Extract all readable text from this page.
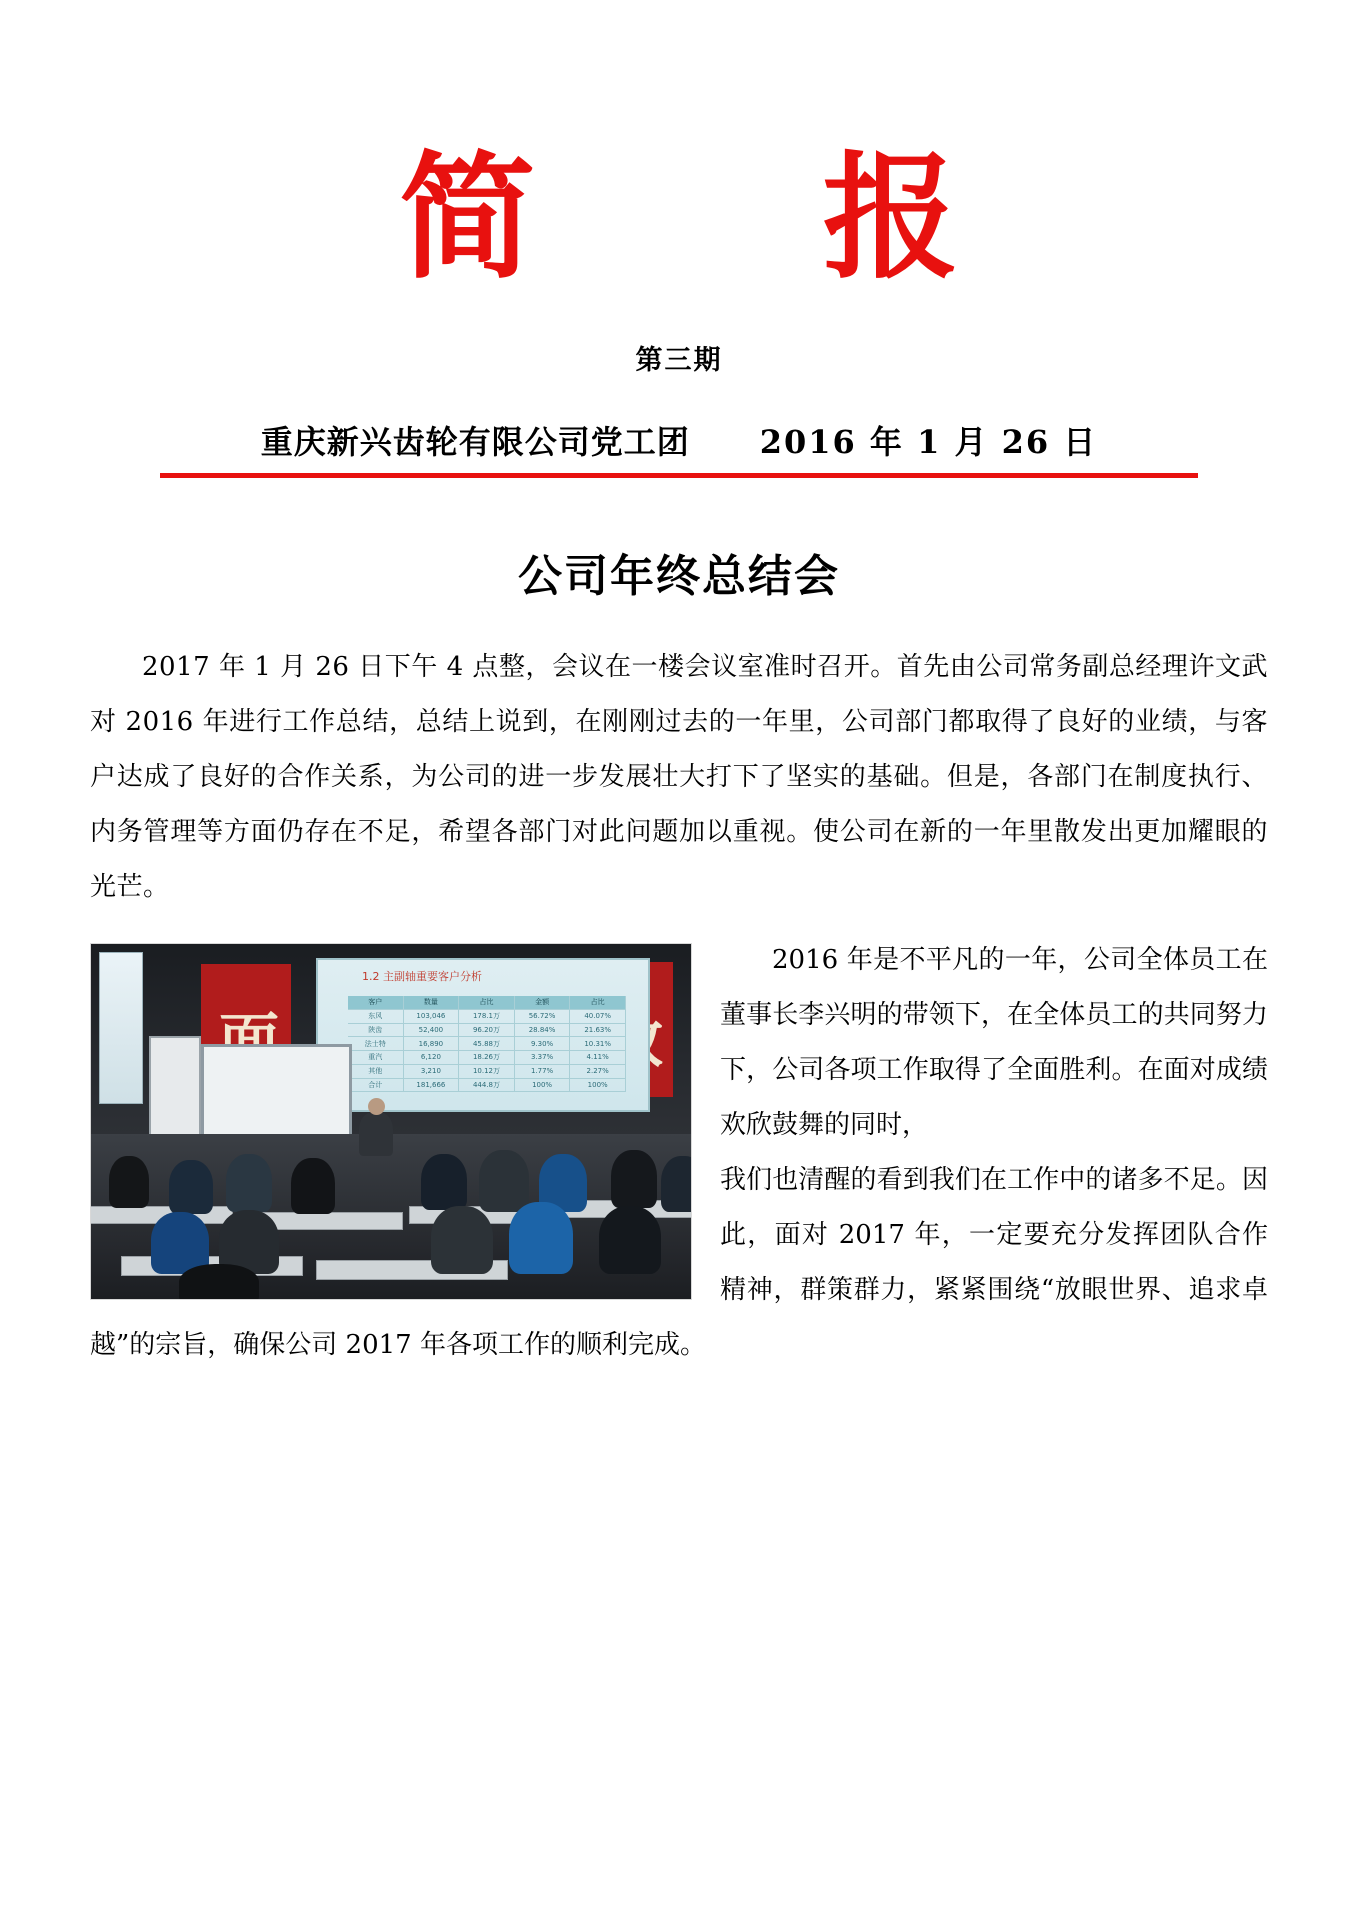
简 报
第三期
重庆新兴齿轮有限公司党工团 2016 年 1 月 26 日
公司年终总结会

2017 年 1 月 26 日下午 4 点整，会议在一楼会议室准时召开。首先由公司常务副总经理许文武对 2016 年进行工作总结，总结上说到，在刚刚过去的一年里，公司部门都取得了良好的业绩，与客户达成了良好的合作关系，为公司的进一步发展壮大打下了坚实的基础。但是，各部门在制度执行、内务管理等方面仍存在不足，希望各部门对此问题加以重视。使公司在新的一年里散发出更加耀眼的光芒。

面
救
1.2 主副轴重要客户分析
客户	数量	占比	金额	占比
东风	103,046	178.1万	56.72%	40.07%
陕齿	52,400	96.20万	28.84%	21.63%
法士特	16,890	45.88万	9.30%	10.31%
重汽	6,120	18.26万	3.37%	4.11%
其他	3,210	10.12万	1.77%	2.27%
合计	181,666	444.8万	100%	100%

2016 年是不平凡的一年，公司全体员工在董事长李兴明的带领下，在全体员工的共同努力下，公司各项工作取得了全面胜利。在面对成绩欢欣鼓舞的同时，

我们也清醒的看到我们在工作中的诸多不足。因此，面对 2017 年，一定要充分发挥团队合作精神，群策群力，紧紧围绕“放眼世界、追求卓越”的宗旨，确保公司 2017 年各项工作的顺利完成。
